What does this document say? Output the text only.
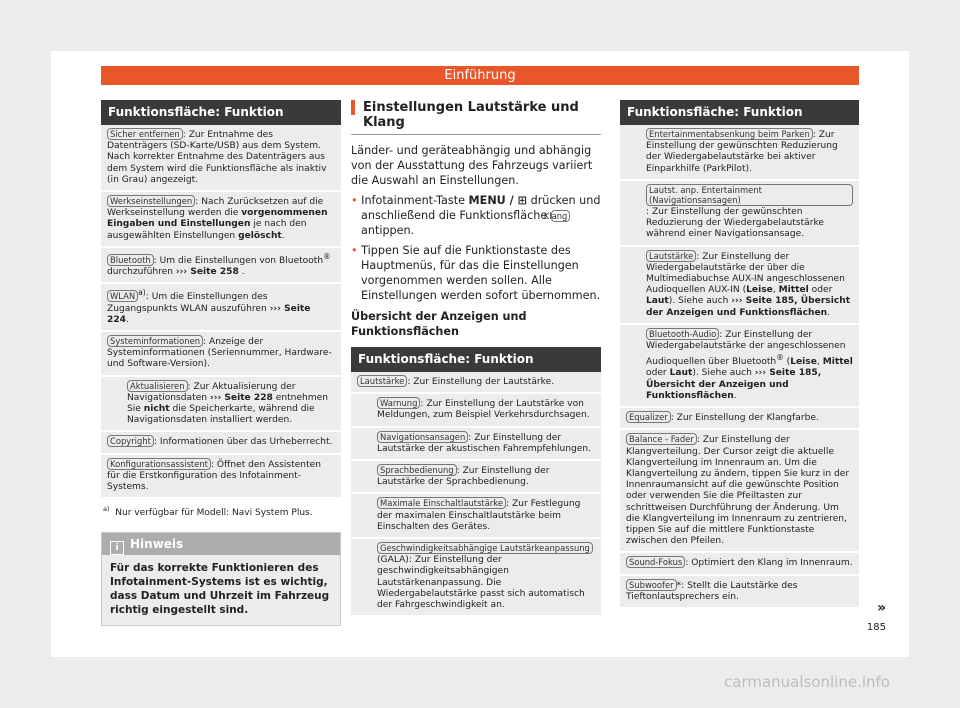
Einführung
Funktionsfläche: Funktion
Sicher entfernen : Zur Entnahme des Datenträgers (SD-Karte/USB) aus dem System. Nach korrekter Entnahme des Datenträgers aus dem System wird die Funktionsfläche als inaktiv (in Grau) angezeigt.
Werkseinstellungen : Nach Zurücksetzen auf die Werkseinstellung werden die vorgenommenen Eingaben und Einstellungen je nach den ausgewählten Einstellungen gelöscht.
Bluetooth : Um die Einstellungen von Bluetooth® durchzuführen ››› Seite 258 .
WLAN $^{a)}$: Um die Einstellungen des Zugangspunkts WLAN auszuführen ››› Seite 224.
Systeminformationen : Anzeige der Systeminformationen (Seriennummer, Hardware- und Software-Version).
Aktualisieren : Zur Aktualisierung der Navigationsdaten ››› Seite 228 entnehmen Sie nicht die Speicherkarte, während die Navigationsdaten installiert werden.
Copyright : Informationen über das Urheberrecht.
Konfigurationsassistent : Öffnet den Assistenten für die Erstkonfiguration des Infotainment-Systems.
$^{a)}$ Nur verfügbar für Modell: Navi System Plus.
i Hinweis
Für das korrekte Funktionieren des Infotainment-Systems ist es wichtig, dass Datum und Uhrzeit im Fahrzeug richtig eingestellt sind.
Einstellungen Lautstärke und Klang
Länder- und geräteabhängig und abhängig von der Ausstattung des Fahrzeugs variiert die Auswahl an Einstellungen.
• Infotainment-Taste MENU / ⊞ drücken und anschließend die Funktionsfläche Klang antippen.
• Tippen Sie auf die Funktionstaste des Hauptmenüs, für das die Einstellungen vorgenommen werden sollen. Alle Einstellungen werden sofort übernommen.
Übersicht der Anzeigen und Funktionsflächen
Funktionsfläche: Funktion
Lautstärke : Zur Einstellung der Lautstärke.
Warnung : Zur Einstellung der Lautstärke von Meldungen, zum Beispiel Verkehrsdurchsagen.
Navigationsansagen : Zur Einstellung der Lautstärke der akustischen Fahrempfehlungen.
Sprachbedienung : Zur Einstellung der Lautstärke der Sprachbedienung.
Maximale Einschaltlautstärke : Zur Festlegung der maximalen Einschaltlautstärke beim Einschalten des Gerätes.
Geschwindigkeitsabhängige Lautstärkeanpassung
(GALA): Zur Einstellung der geschwindigkeitsabhängigen Lautstärkenanpassung. Die Wiedergabelautstärke passt sich automatisch der Fahrgeschwindigkeit an.
Funktionsfläche: Funktion
Entertainmentabsenkung beim Parken : Zur Einstellung der gewünschten Reduzierung der Wiedergabelautstärke bei aktiver Einparkhilfe (ParkPilot).
Lautst. anp. Entertainment (Navigationsansagen): Zur Einstellung der gewünschten Reduzierung der Wiedergabelautstärke während einer Navigationsansage.
Lautstärke : Zur Einstellung der Wiedergabelautstärke der über die Multimediabuchse AUX-IN angeschlossenen Audioquellen AUX-IN (Leise, Mittel oder Laut). Siehe auch ››› Seite 185, Übersicht der Anzeigen und Funktionsflächen.
Bluetooth-Audio : Zur Einstellung der Wiedergabelautstärke der angeschlossenen Audioquellen über Bluetooth® (Leise, Mittel oder Laut). Siehe auch ››› Seite 185, Übersicht der Anzeigen und Funktionsflächen.
Equalizer : Zur Einstellung der Klangfarbe.
Balance - Fader : Zur Einstellung der Klangverteilung. Der Cursor zeigt die aktuelle Klangverteilung im Innenraum an. Um die Klangverteilung zu ändern, tippen Sie kurz in der Innenraumansicht auf die gewünschte Position oder verwenden Sie die Pfeiltasten zur schrittweisen Durchführung der Änderung. Um die Klangverteilung im Innenraum zu zentrieren, tippen Sie auf die mittlere Funktionstaste zwischen den Pfeilen.
Sound-Fokus : Optimiert den Klang im Innenraum.
Subwoofer *: Stellt die Lautstärke des Tieftonlautsprechers ein.
»
185
carmanualsonline.info
